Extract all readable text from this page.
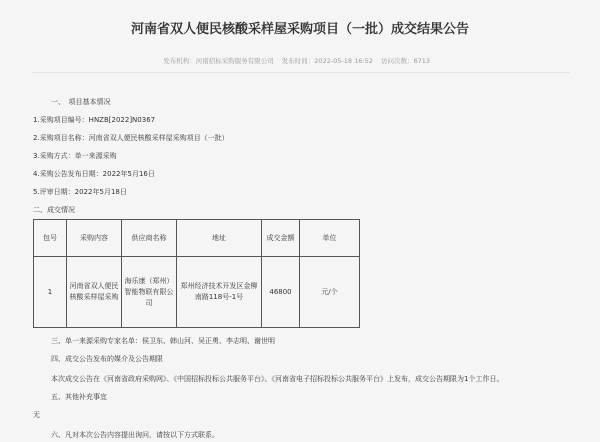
河南省双人便民核酸采样屋采购项目（一批）成交结果公告
发布机构：河南招标采购服务有限公司 发布时间：2022-05-18 16:52 访问次数：6713
一、　项目基本情况
1.采购项目编号：HNZB[2022]N0367
2.采购项目名称：河南省双人便民核酸采样屋采购项目（一批）
3.采购方式：单一来源采购
4.采购公告发布日期：2022年5月16日
5.评审日期：2022年5月18日
二、成交情况
包号	采购内容	供应商名称	地址	成交金额	单位
1	河南省双人便民核酸采样屋采购	海乐康（郑州）智能物联有限公司	郑州经济技术开发区金柳南路118号-1号	46800	元/个
三、单一来源采购专家名单：侯卫东、韩山河、吴正勇、李志明、谢世明
四、成交公告发布的媒介及公告期限
本次成交公告在《河南省政府采购网》、《中国招标投标公共服务平台》、《河南省电子招标投标公共服务平台》上发布，成交公告期限为1个工作日。
五、其他补充事宜
无
六、凡对本次公告内容提出询问，请按以下方式联系。
